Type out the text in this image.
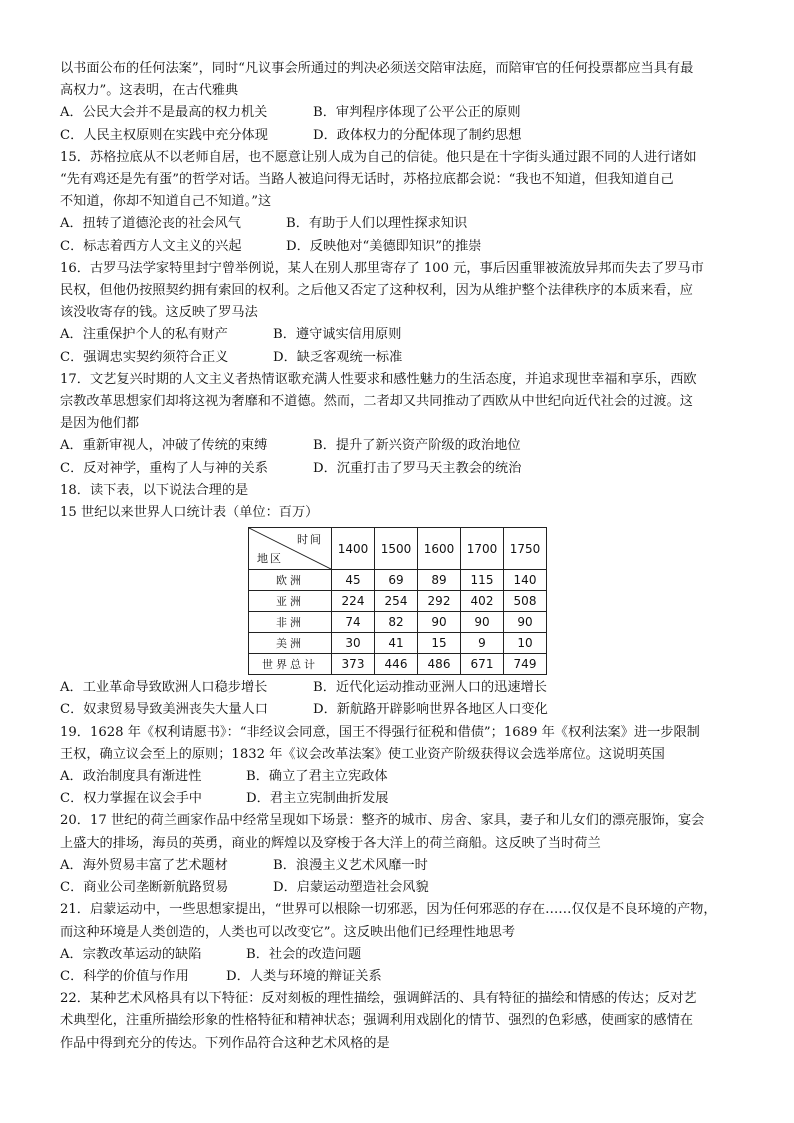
以书面公布的任何法案”，同时“凡议事会所通过的判决必须送交陪审法庭，而陪审官的任何投票都应当具有最
高权力”。这表明，在古代雅典
A．公民大会并不是最高的权力机关	B．审判程序体现了公平公正的原则
C．人民主权原则在实践中充分体现	D．政体权力的分配体现了制约思想
15．苏格拉底从不以老师自居，也不愿意让别人成为自己的信徒。他只是在十字街头通过跟不同的人进行诸如
“先有鸡还是先有蛋”的哲学对话。当路人被追问得无话时，苏格拉底都会说：“我也不知道，但我知道自己
不知道，你却不知道自己不知道。”这
A．扭转了道德沦丧的社会风气	B．有助于人们以理性探求知识
C．标志着西方人文主义的兴起	D．反映他对“美德即知识”的推崇
16．古罗马法学家特里封宁曾举例说，某人在别人那里寄存了 100 元，事后因重罪被流放异邦而失去了罗马市
民权，但他仍按照契约拥有索回的权利。之后他又否定了这种权利，因为从维护整个法律秩序的本质来看，应
该没收寄存的钱。这反映了罗马法
A．注重保护个人的私有财产	B．遵守诚实信用原则
C．强调忠实契约须符合正义	D．缺乏客观统一标准
17．文艺复兴时期的人文主义者热情讴歌充满人性要求和感性魅力的生活态度，并追求现世幸福和享乐，西欧
宗教改革思想家们却将这视为奢靡和不道德。然而，二者却又共同推动了西欧从中世纪向近代社会的过渡。这
是因为他们都
A．重新审视人，冲破了传统的束缚	B．提升了新兴资产阶级的政治地位
C．反对神学，重构了人与神的关系	D．沉重打击了罗马天主教会的统治
18．读下表，以下说法合理的是
15 世纪以来世界人口统计表（单位：百万）
时间
地区	1400	1500	1600	1700	1750
欧洲	45	69	89	115	140
亚洲	224	254	292	402	508
非洲	74	82	90	90	90
美洲	30	41	15	9	10
世界总计	373	446	486	671	749
A．工业革命导致欧洲人口稳步增长	B．近代化运动推动亚洲人口的迅速增长
C．奴隶贸易导致美洲丧失大量人口	D．新航路开辟影响世界各地区人口变化
19．1628 年《权利请愿书》：“非经议会同意，国王不得强行征税和借债”；1689 年《权利法案》进一步限制
王权，确立议会至上的原则；1832 年《议会改革法案》使工业资产阶级获得议会选举席位。这说明英国
A．政治制度具有渐进性	B．确立了君主立宪政体
C．权力掌握在议会手中	D．君主立宪制曲折发展
20．17 世纪的荷兰画家作品中经常呈现如下场景：整齐的城市、房舍、家具，妻子和儿女们的漂亮服饰，宴会
上盛大的排场，海员的英勇，商业的辉煌以及穿梭于各大洋上的荷兰商船。这反映了当时荷兰
A．海外贸易丰富了艺术题材	B．浪漫主义艺术风靡一时
C．商业公司垄断新航路贸易	D．启蒙运动塑造社会风貌
21．启蒙运动中，一些思想家提出，“世界可以根除一切邪恶，因为任何邪恶的存在……仅仅是不良环境的产物，
而这种环境是人类创造的，人类也可以改变它”。这反映出他们已经理性地思考
A．宗教改革运动的缺陷	B．社会的改造问题
C．科学的价值与作用	D．人类与环境的辩证关系
22．某种艺术风格具有以下特征：反对刻板的理性描绘，强调鲜活的、具有特征的描绘和情感的传达；反对艺
术典型化，注重所描绘形象的性格特征和精神状态；强调利用戏剧化的情节、强烈的色彩感，使画家的感情在
作品中得到充分的传达。下列作品符合这种艺术风格的是
